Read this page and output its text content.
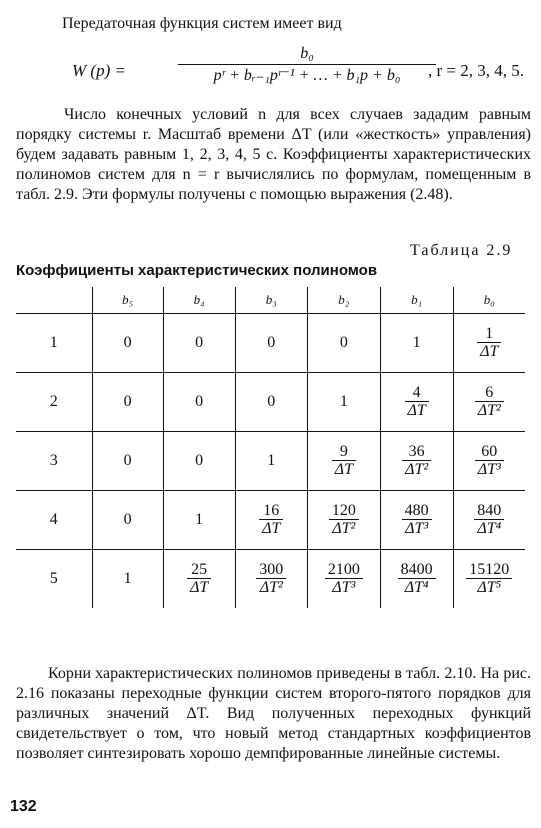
Передаточная функция систем имеет вид
W (p) =
b₀
pʳ + bᵣ₋₁pʳ⁻¹ + … + b₁p + b₀	, r = 2, 3, 4, 5.

Число конечных условий n для всех случаев зададим равным порядку системы r. Масштаб времени ΔT (или «жесткость» управления) будем задавать равным 1, 2, 3, 4, 5 с. Коэффициенты характеристических полиномов систем для n = r вычислялись по формулам, помещенным в табл. 2.9. Эти формулы получены с помощью выражения (2.48).

Таблица 2.9
Коэффициенты характеристических полиномов
	b₅	b₄	b₃	b₂	b₁	b₀
1	0	0	0	0	1	$\frac{1}{\Delta T}$

2	0	0	0	1	$\frac{4}{\Delta T}$	$\frac{6}{\text{ΔT²}}$

3	0	0	1	$\frac{9}{\Delta T}$	$\frac{36}{\text{ΔT²}}$	$\frac{60}{\text{ΔT³}}$

4	0	1	$\frac{16}{\Delta T}$	$\frac{120}{\text{ΔT²}}$	$\frac{480}{\text{ΔT³}}$	$\frac{840}{\text{ΔT⁴}}$

5	1	$\frac{25}{\Delta T}$	$\frac{300}{\text{ΔT²}}$	$\frac{2100}{\text{ΔT³}}$	$\frac{8400}{\text{ΔT⁴}}$	$\frac{15120}{\text{ΔT⁵}}$

Корни характеристических полиномов приведены в табл. 2.10. На рис. 2.16 показаны переходные функции систем второго-пятого порядков для различных значений ΔT. Вид полученных переходных функций свидетельствует о том, что новый метод стандартных коэффициентов позволяет синтезировать хорошо демпфированные линейные системы.

132
